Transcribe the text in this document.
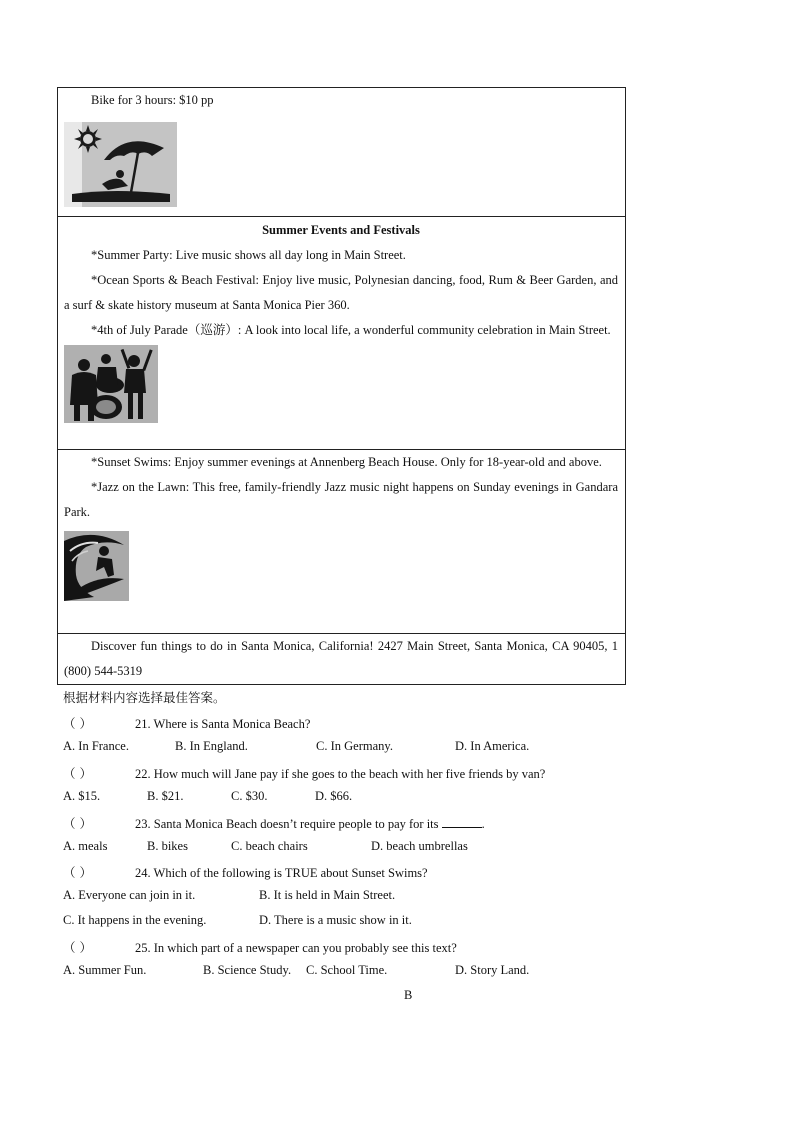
Bike for 3 hours: $10 pp

Summer Events and Festivals

*Summer Party: Live music shows all day long in Main Street.

*Ocean Sports & Beach Festival: Enjoy live music, Polynesian dancing, food, Rum & Beer Garden, and a surf & skate history museum at Santa Monica Pier 360.

*4th of July Parade（巡游）: A look into local life, a wonderful community celebration in Main Street.

*Sunset Swims: Enjoy summer evenings at Annenberg Beach House. Only for 18-year-old and above.

*Jazz on the Lawn: This free, family-friendly Jazz music night happens on Sunday evenings in Gandara Park.

Discover fun things to do in Santa Monica, California! 2427 Main Street, Santa Monica, CA 90405, 1 (800) 544-5319

根据材料内容选择最佳答案。
（ ）	21. Where is Santa Monica Beach?
A. In France.	B. In England.	C. In Germany.	D. In America.
（ ）	22. How much will Jane pay if she goes to the beach with her five friends by van?
A. $15.	B. $21.	C. $30.	D. $66.
（ ）	23. Santa Monica Beach doesn’t require people to pay for its	.
A. meals	B. bikes	C. beach chairs	D. beach umbrellas
（ ）	24. Which of the following is TRUE about Sunset Swims?
A. Everyone can join in it.	B. It is held in Main Street.
C. It happens in the evening.	D. There is a music show in it.
（ ）	25. In which part of a newspaper can you probably see this text?
A. Summer Fun.	B. Science Study. C. School Time.	D. Story Land.
B
